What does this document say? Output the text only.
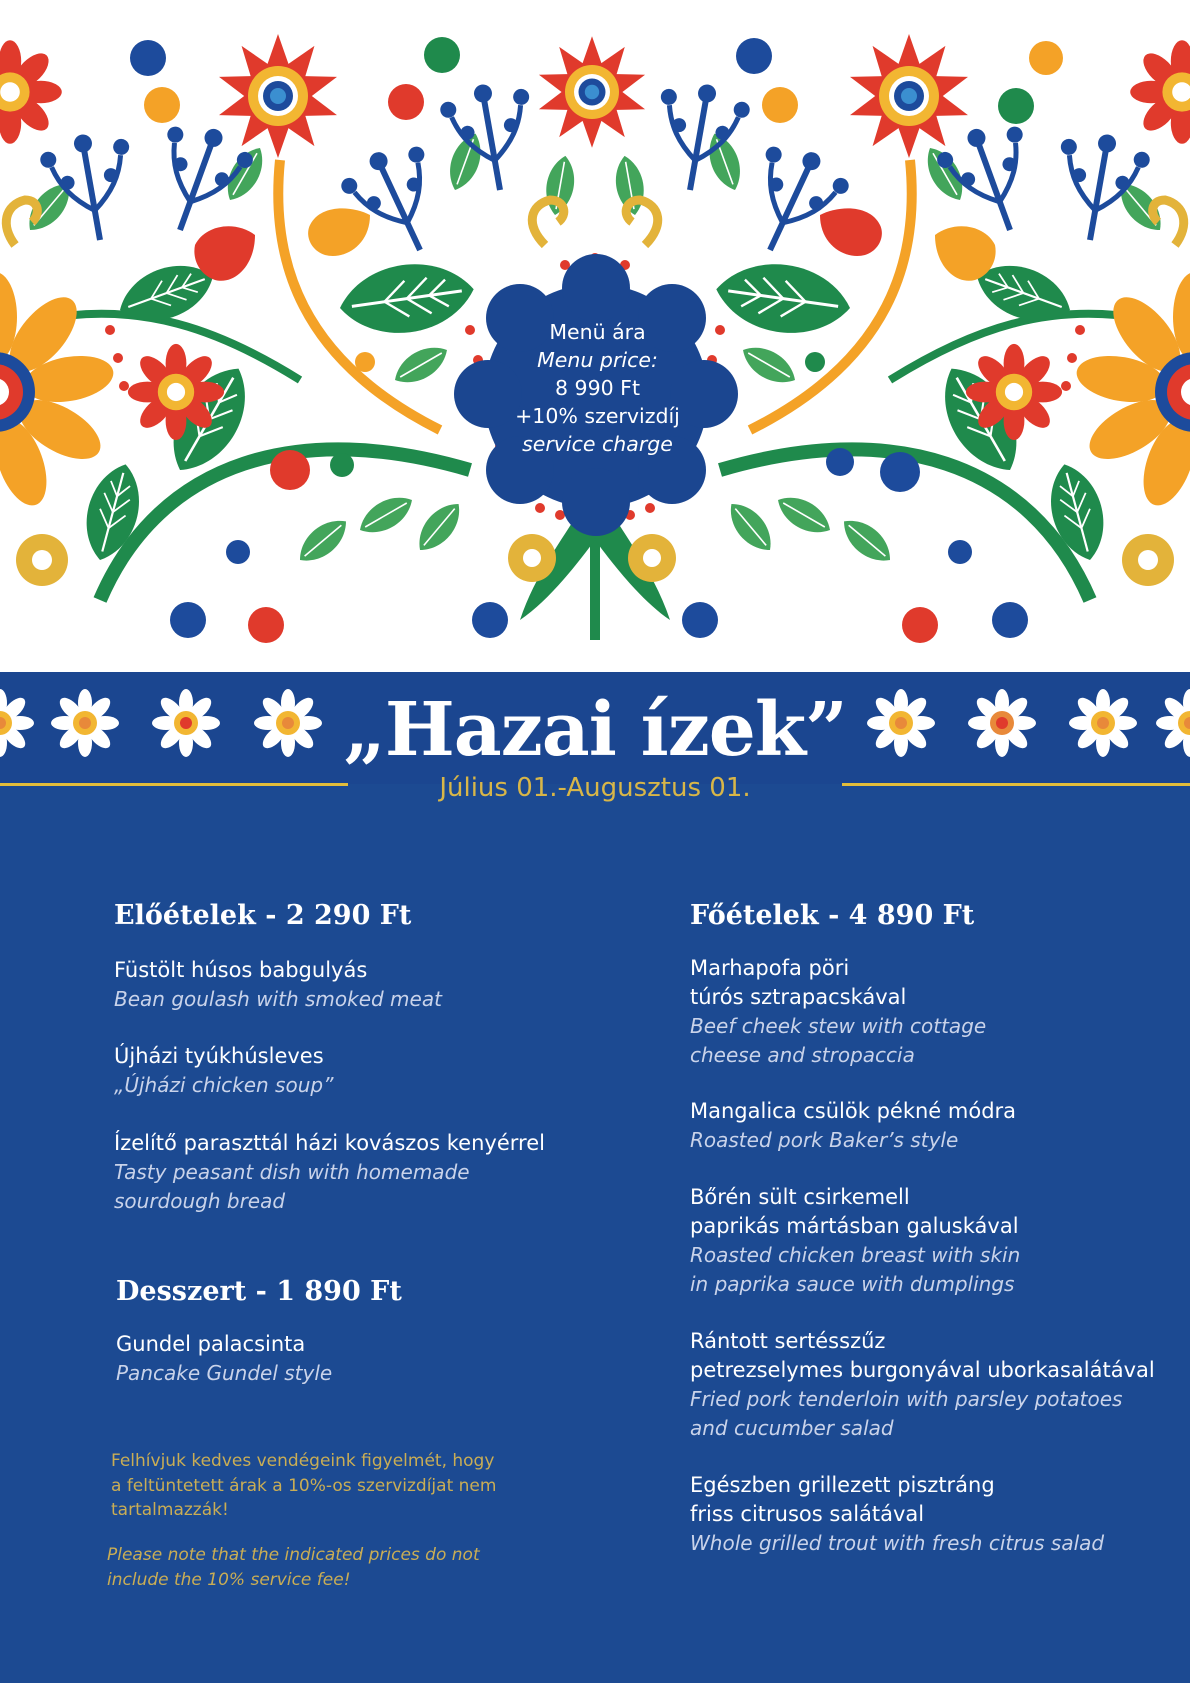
Menü ára
Menu price:
8 990 Ft
+10% szervizdíj
service charge
„Hazai ízek”
Július 01.-Augusztus 01.
Előételek - 2 290 Ft
Füstölt húsos babgulyás
Bean goulash with smoked meat
Újházi tyúkhúsleves
„Újházi chicken soup”
Ízelítő paraszttál házi kovászos kenyérrel
Tasty peasant dish with homemade
sourdough bread
Desszert - 1 890 Ft
Gundel palacsinta
Pancake Gundel style
Felhívjuk kedves vendégeink figyelmét, hogy
a feltüntetett árak a 10%-os szervizdíjat nem
tartalmazzák!
Please note that the indicated prices do not
include the 10% service fee!
Főételek - 4 890 Ft
Marhapofa pöri
túrós sztrapacskával
Beef cheek stew with cottage
cheese and stropaccia
Mangalica csülök pékné módra
Roasted pork Baker’s style
Bőrén sült csirkemell
paprikás mártásban galuskával
Roasted chicken breast with skin
in paprika sauce with dumplings
Rántott sertésszűz
petrezselymes burgonyával uborkasalátával
Fried pork tenderloin with parsley potatoes
and cucumber salad
Egészben grillezett pisztráng
friss citrusos salátával
Whole grilled trout with fresh citrus salad
